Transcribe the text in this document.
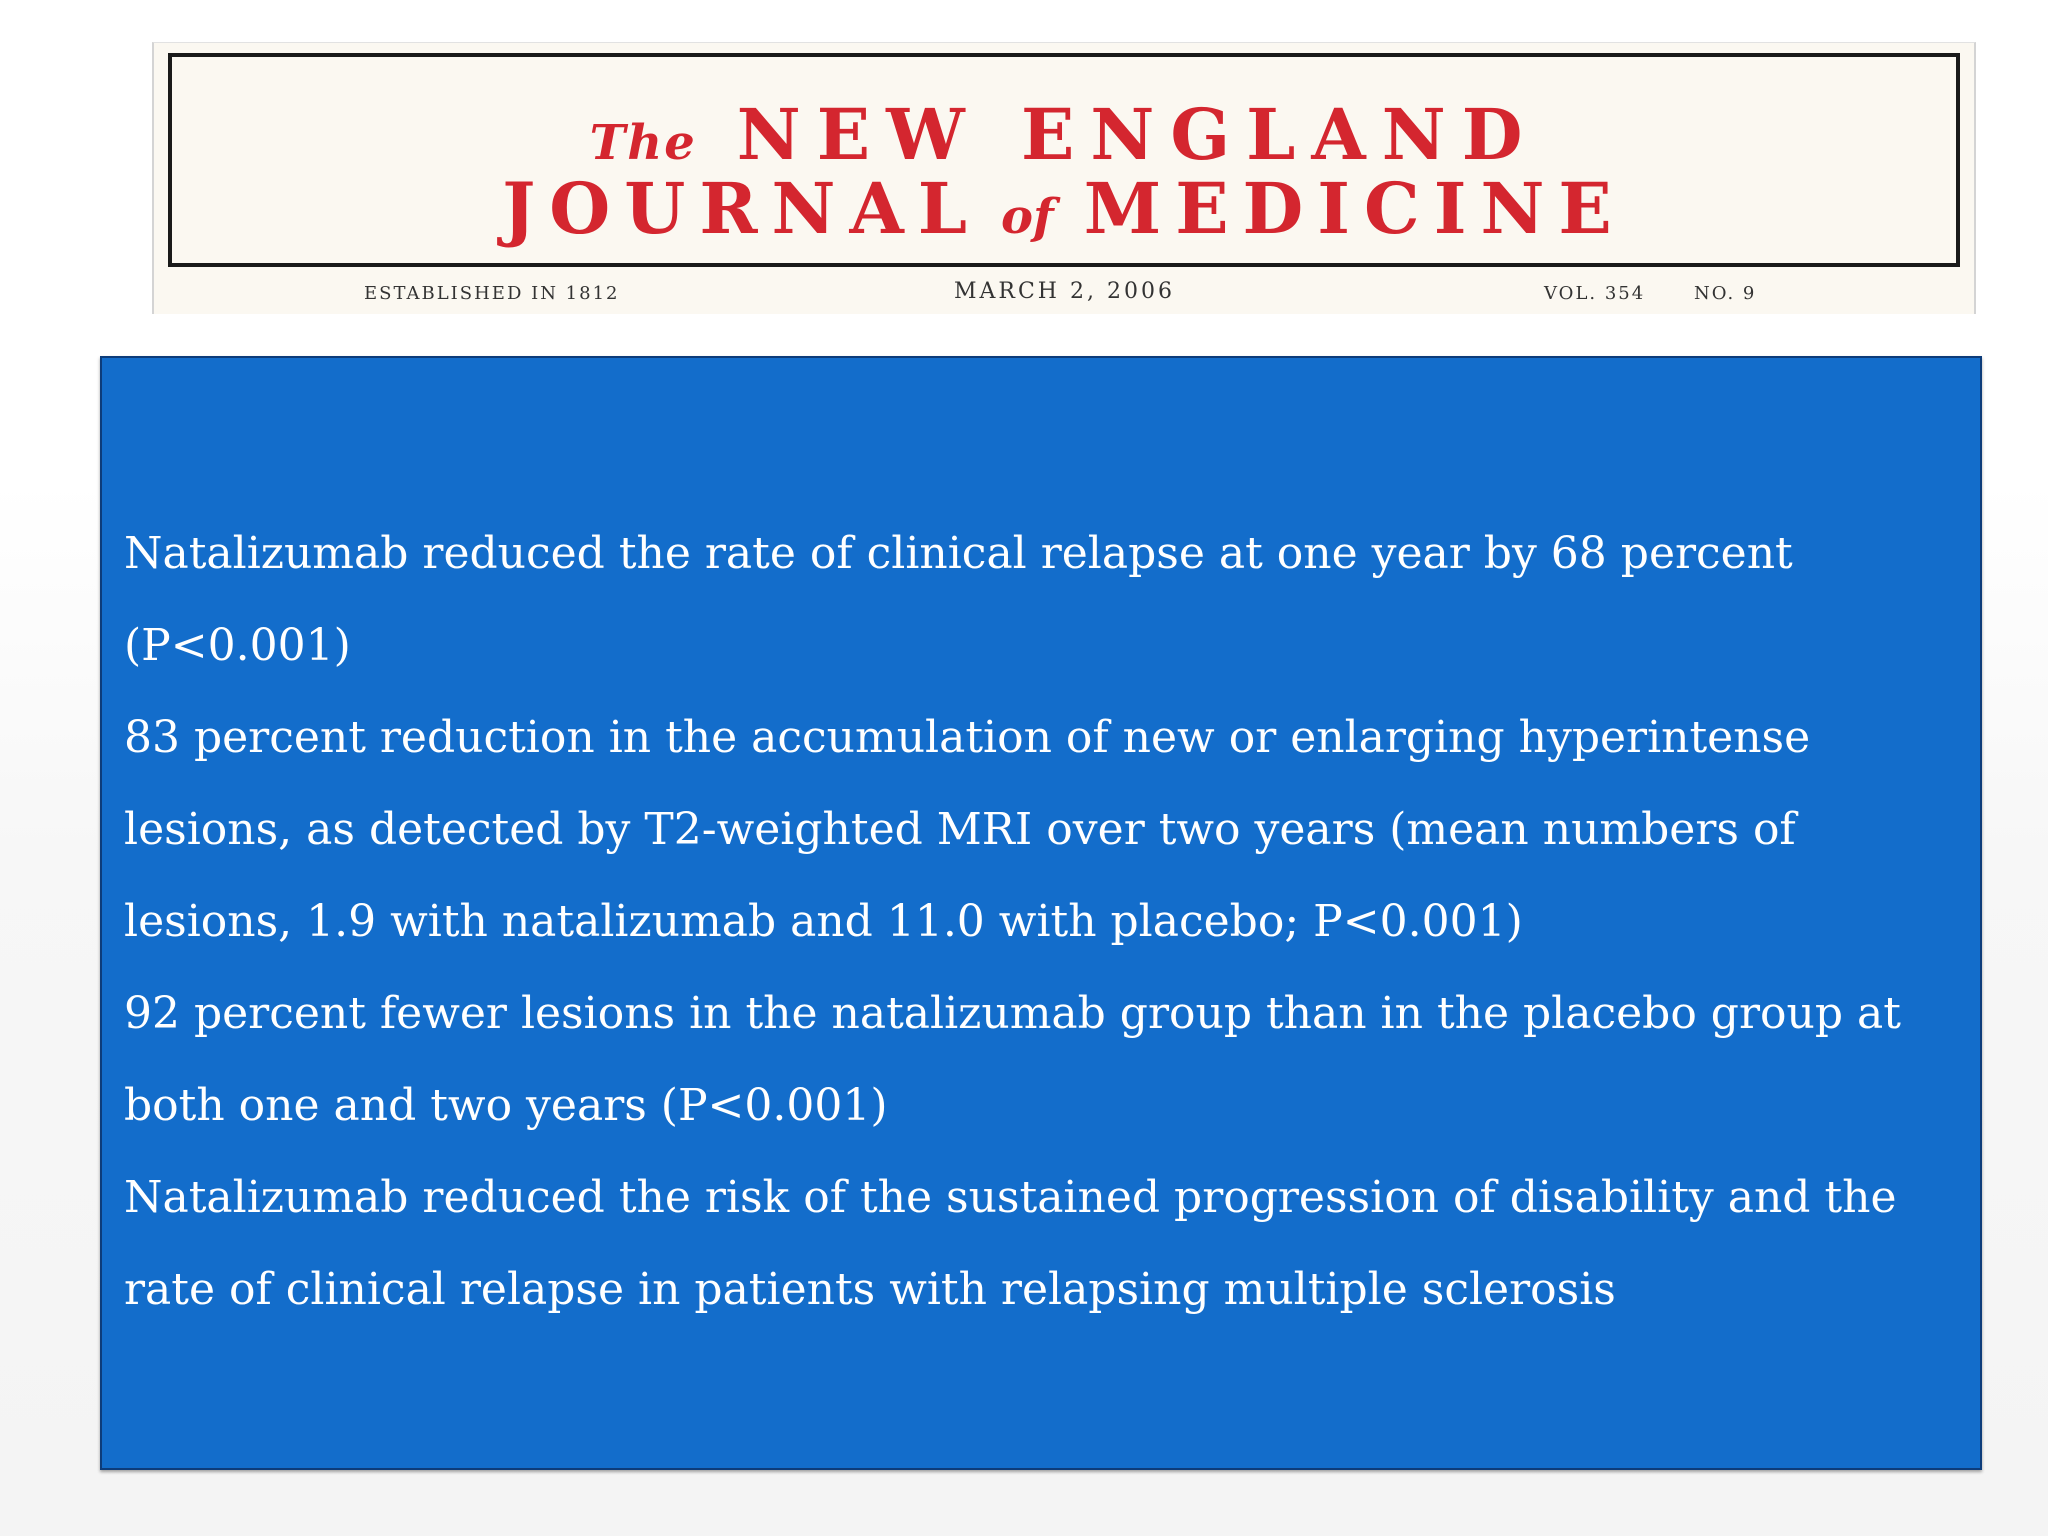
The NEW ENGLAND
JOURNAL of MEDICINE
ESTABLISHED IN 1812	MARCH 2, 2006	VOL. 354	NO. 9
Natalizumab reduced the rate of clinical relapse at one year by 68 percent (P<0.001)
83 percent reduction in the accumulation of new or enlarging hyperintense lesions, as detected by T2-weighted MRI over two years (mean numbers of lesions, 1.9 with natalizumab and 11.0 with placebo; P<0.001)
92 percent fewer lesions in the natalizumab group than in the placebo group at both one and two years (P<0.001)
Natalizumab reduced the risk of the sustained progression of disability and the rate of clinical relapse in patients with relapsing multiple sclerosis
